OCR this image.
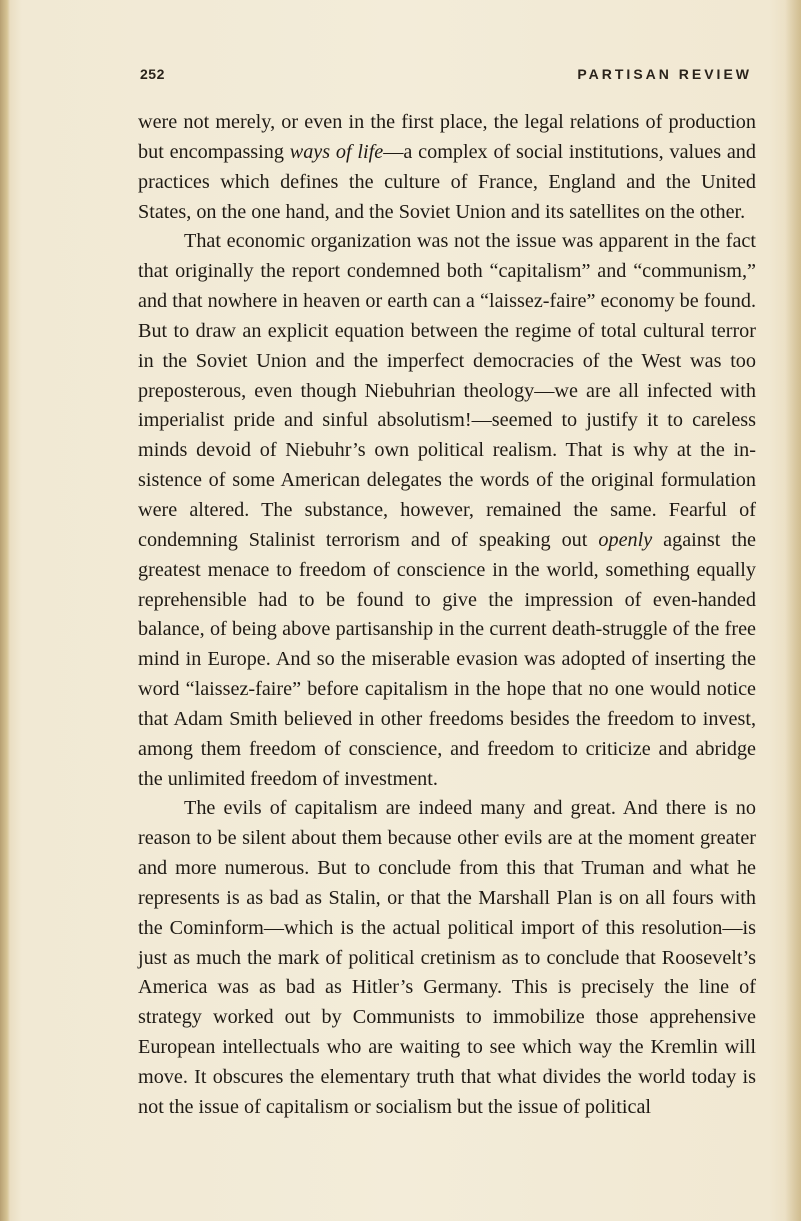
252	PARTISAN REVIEW

were not merely, or even in the first place, the legal relations of production but encompassing ways of life—a complex of social institutions, values and practices which defines the culture of France, England and the United States, on the one hand, and the Soviet Union and its satellites on the other.

That economic organization was not the issue was apparent in the fact that originally the report condemned both “capitalism” and “communism,” and that nowhere in heaven or earth can a “laissez-faire” economy be found. But to draw an explicit equation between the regime of total cultural terror in the Soviet Union and the imperfect democracies of the West was too preposterous, even though Niebuhrian theology—we are all infected with imperialist pride and sinful absolutism!—seemed to justify it to careless minds devoid of Niebuhr’s own political realism. That is why at the insistence of some American delegates the words of the original formulation were altered. The substance, however, remained the same. Fearful of condemning Stalinist terrorism and of speaking out openly against the greatest menace to freedom of conscience in the world, something equally reprehensible had to be found to give the impression of even-handed balance, of being above partisanship in the current death-struggle of the free mind in Europe. And so the miserable evasion was adopted of inserting the word “laissez-faire” before capitalism in the hope that no one would notice that Adam Smith believed in other freedoms besides the freedom to invest, among them freedom of conscience, and freedom to criticize and abridge the unlimited freedom of investment.

The evils of capitalism are indeed many and great. And there is no reason to be silent about them because other evils are at the moment greater and more numerous. But to conclude from this that Truman and what he represents is as bad as Stalin, or that the Marshall Plan is on all fours with the Cominform—which is the actual political import of this resolution—is just as much the mark of political cretinism as to conclude that Roosevelt’s America was as bad as Hitler’s Germany. This is precisely the line of strategy worked out by Communists to immobilize those apprehensive European intellectuals who are waiting to see which way the Kremlin will move. It obscures the elementary truth that what divides the world today is not the issue of capitalism or socialism but the issue of political
